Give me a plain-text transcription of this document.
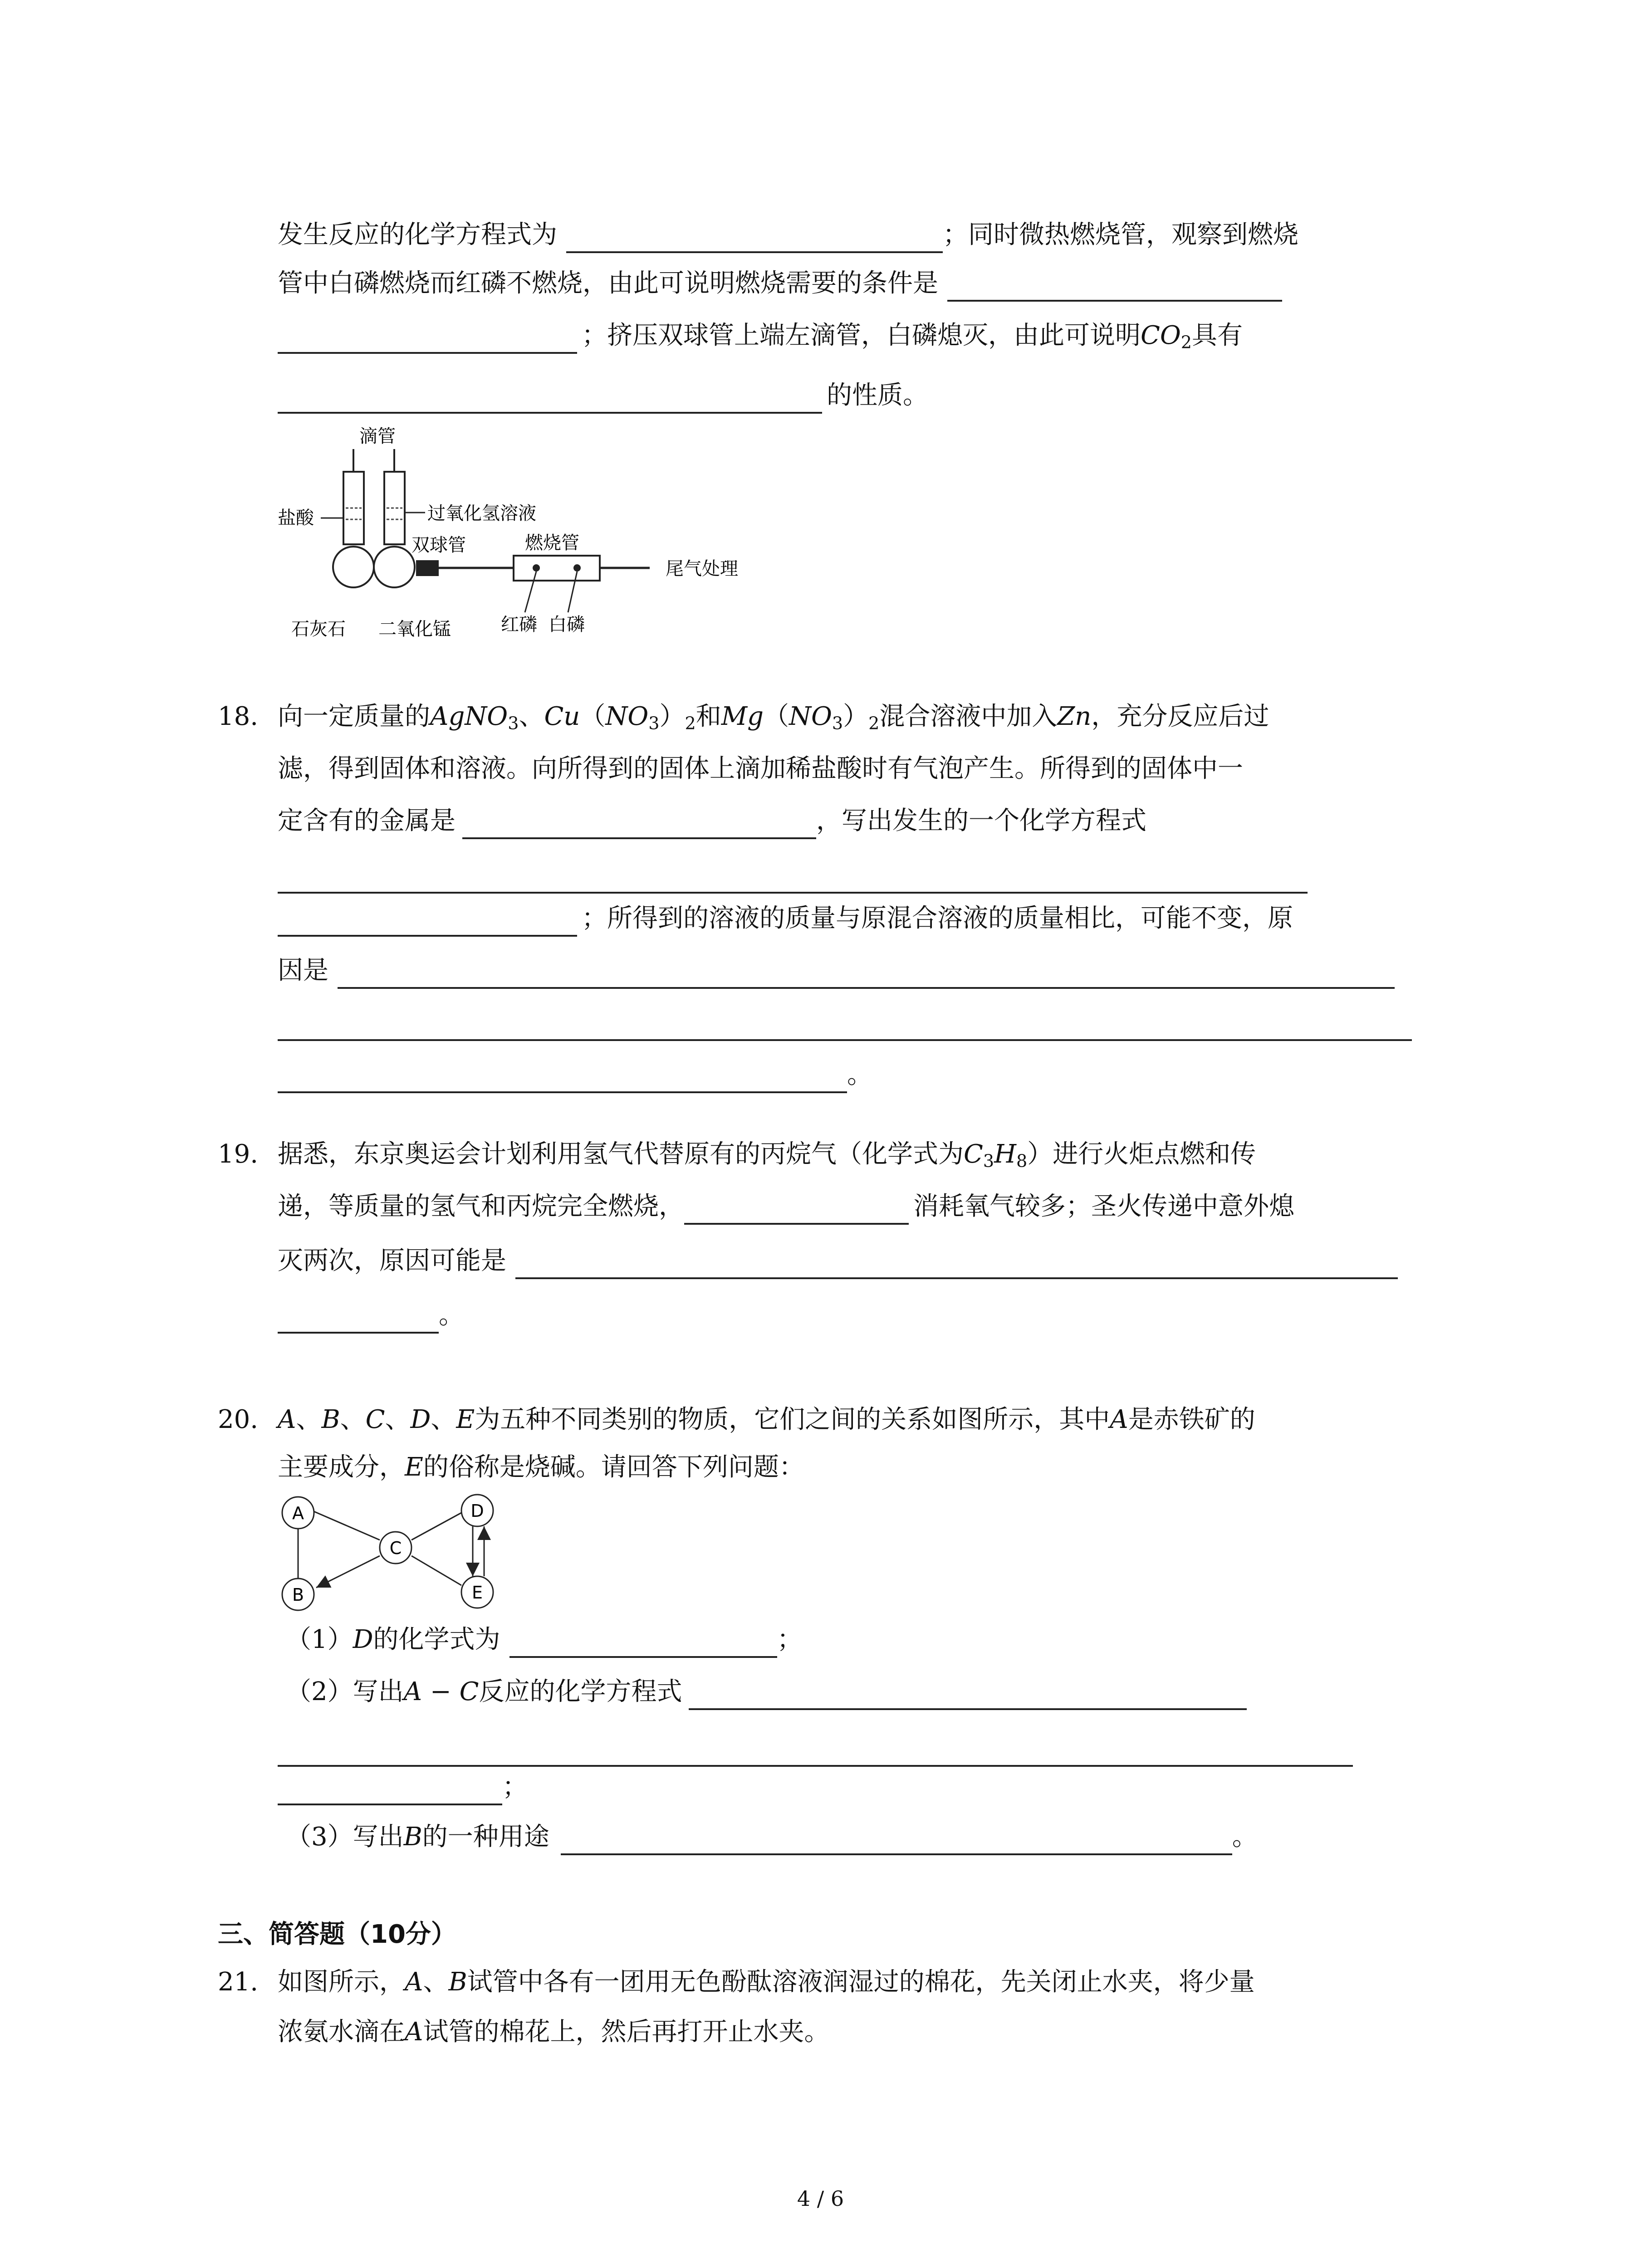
发生反应的化学方程式为	；同时微热燃烧管，观察到燃烧
管中白磷燃烧而红磷不燃烧，由此可说明燃烧需要的条件是
；挤压双球管上端左滴管，白磷熄灭，由此可说明$CO_2$具有
的性质。
滴管
盐酸	过氧化氢溶液
双球管	燃烧管
尾气处理
石灰石 二氧化锰	红磷 白磷
18. 向一定质量的AgNO$_3$、$Cu(NO_3)_2$和$Mg(NO_3)_2$混合溶液中加入Zn，充分反应后过
滤，得到固体和溶液。向所得到的固体上滴加稀盐酸时有气泡产生。所得到的固体中一
定含有的金属是	，写出发生的一个化学方程式
；所得到的溶液的质量与原混合溶液的质量相比，可能不变，原
因是
。
19. 据悉，东京奥运会计划利用氢气代替原有的丙烷气（化学式为$C_3H_8$）进行火炬点燃和传
递，等质量的氢气和丙烷完全燃烧，	消耗氧气较多；圣火传递中意外熄
灭两次，原因可能是
。
20. A、B、C、D、E为五种不同类别的物质，它们之间的关系如图所示，其中A是赤铁矿的
主要成分，E的俗称是烧碱。请回答下列问题：
A
B
C
D
E
（1）D的化学式为	；
（2）写出A − C反应的化学方程式
；
（3）写出B的一种用途	。
三、简答题（10分）
21. 如图所示，A、B试管中各有一团用无色酚酞溶液润湿过的棉花，先关闭止水夹，将少量
浓氨水滴在A试管的棉花上，然后再打开止水夹。
4 / 6
